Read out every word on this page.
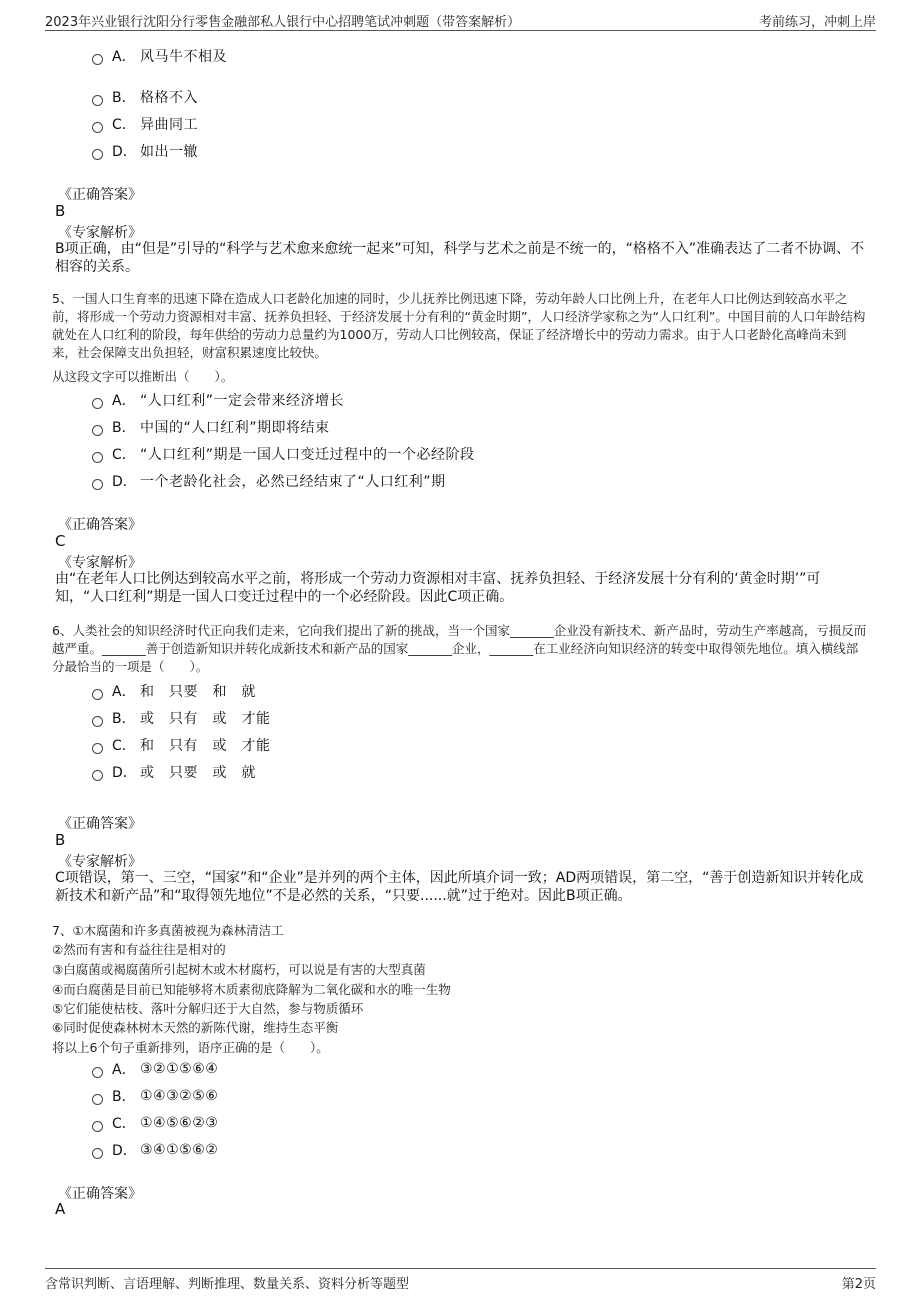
2023年兴业银行沈阳分行零售金融部私人银行中心招聘笔试冲刺题（带答案解析）	考前练习，冲刺上岸
A． 风马牛不相及
B． 格格不入
C． 异曲同工
D． 如出一辙
《正确答案》
B
《专家解析》
B项正确，由“但是”引导的“科学与艺术愈来愈统一起来”可知，科学与艺术之前是不统一的，“格格不入”准确表达了二者不协调、不相容的关系。
5、一国人口生育率的迅速下降在造成人口老龄化加速的同时，少儿抚养比例迅速下降，劳动年龄人口比例上升，在老年人口比例达到较高水平之前，将形成一个劳动力资源相对丰富、抚养负担轻、于经济发展十分有利的“黄金时期”，人口经济学家称之为“人口红利”。中国目前的人口年龄结构就处在人口红利的阶段，每年供给的劳动力总量约为1000万，劳动人口比例较高，保证了经济增长中的劳动力需求。由于人口老龄化高峰尚未到来，社会保障支出负担轻，财富积累速度比较快。
从这段文字可以推断出（　　）。
A． “人口红利”一定会带来经济增长
B． 中国的“人口红利”期即将结束
C． “人口红利”期是一国人口变迁过程中的一个必经阶段
D． 一个老龄化社会，必然已经结束了“人口红利”期
《正确答案》
C
《专家解析》
由“在老年人口比例达到较高水平之前，将形成一个劳动力资源相对丰富、抚养负担轻、于经济发展十分有利的‘黄金时期’”可知，“人口红利”期是一国人口变迁过程中的一个必经阶段。因此C项正确。
6、人类社会的知识经济时代正向我们走来，它向我们提出了新的挑战，当一个国家_______企业没有新技术、新产品时，劳动生产率越高，亏损反而越严重。_______善于创造新知识并转化成新技术和新产品的国家_______企业，_______在工业经济向知识经济的转变中取得领先地位。填入横线部分最恰当的一项是（　　）。
A． 和　只要　和　就
B． 或　只有　或　才能
C． 和　只有　或　才能
D． 或　只要　或　就
《正确答案》
B
《专家解析》
C项错误，第一、三空，“国家”和“企业”是并列的两个主体，因此所填介词一致；AD两项错误，第二空，“善于创造新知识并转化成新技术和新产品”和“取得领先地位”不是必然的关系，“只要......就”过于绝对。因此B项正确。
7、①木腐菌和许多真菌被视为森林清洁工
②然而有害和有益往往是相对的
③白腐菌或褐腐菌所引起树木或木材腐朽，可以说是有害的大型真菌
④而白腐菌是目前已知能够将木质素彻底降解为二氧化碳和水的唯一生物
⑤它们能使枯枝、落叶分解归还于大自然，参与物质循环
⑥同时促使森林树木天然的新陈代谢，维持生态平衡
将以上6个句子重新排列，语序正确的是（　　）。
A． ③②①⑤⑥④
B． ①④③②⑤⑥
C． ①④⑤⑥②③
D． ③④①⑤⑥②
《正确答案》
A
含常识判断、言语理解、判断推理、数量关系、资料分析等题型	第2页
